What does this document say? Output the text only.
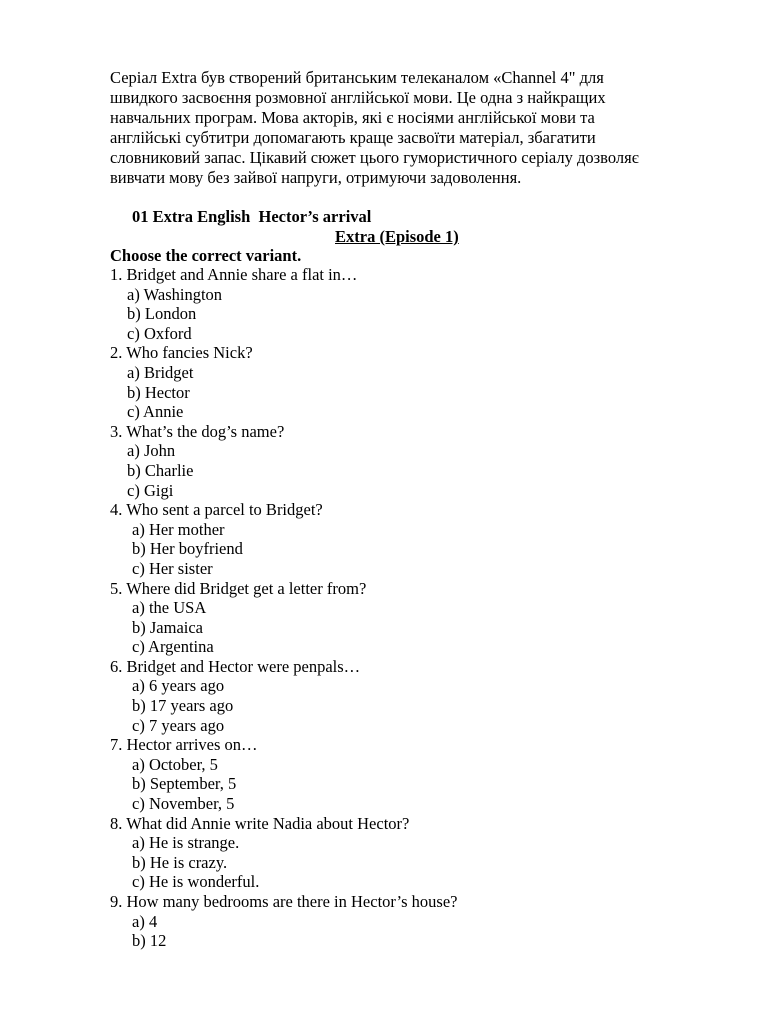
Серіал Extra був створений британським телеканалом «Channel 4" для
швидкого засвоєння розмовної англійської мови. Це одна з найкращих
навчальних програм. Мова акторів, які є носіями англійської мови та
англійські субтитри допомагають краще засвоїти матеріал, збагатити
словниковий запас. Цікавий сюжет цього гумористичного серіалу дозволяє
вивчати мову без зайвої напруги, отримуючи задоволення.

01 Extra English  Hector’s arrival
Extra (Episode 1)
Choose the correct variant.
1. Bridget and Annie share a flat in…
a) Washington
b) London
c) Oxford
2. Who fancies Nick?
a) Bridget
b) Hector
c) Annie
3. What’s the dog’s name?
a) John
b) Charlie
c) Gigi
4. Who sent a parcel to Bridget?
a) Her mother
b) Her boyfriend
c) Her sister
5. Where did Bridget get a letter from?
a) the USA
b) Jamaica
c) Argentina
6. Bridget and Hector were penpals…
a) 6 years ago
b) 17 years ago
c) 7 years ago
7. Hector arrives on…
a) October, 5
b) September, 5
c) November, 5
8. What did Annie write Nadia about Hector?
a) He is strange.
b) He is crazy.
c) He is wonderful.
9. How many bedrooms are there in Hector’s house?
a) 4
b) 12
